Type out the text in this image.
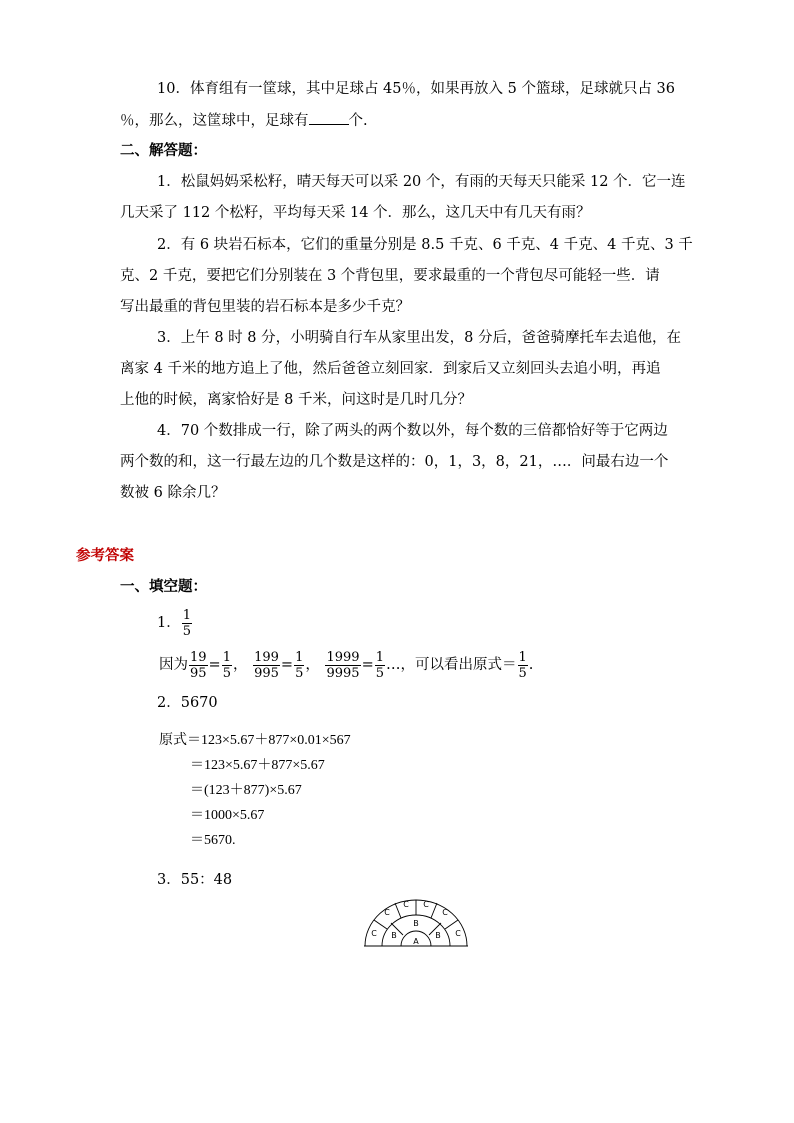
10．体育组有一筐球，其中足球占 45％，如果再放入 5 个篮球，足球就只占 36
％，那么，这筐球中，足球有	个.
二、解答题：
1．松鼠妈妈采松籽，晴天每天可以采 20 个，有雨的天每天只能采 12 个．它一连
几天采了 112 个松籽，平均每天采 14 个．那么，这几天中有几天有雨？
2．有 6 块岩石标本，它们的重量分别是 8.5 千克、6 千克、4 千克、4 千克、3 千
克、2 千克，要把它们分别装在 3 个背包里，要求最重的一个背包尽可能轻一些．请
写出最重的背包里装的岩石标本是多少千克？
3．上午 8 时 8 分，小明骑自行车从家里出发，8 分后，爸爸骑摩托车去追他，在
离家 4 千米的地方追上了他，然后爸爸立刻回家．到家后又立刻回头去追小明，再追
上他的时候，离家恰好是 8 千米，问这时是几时几分？
4．70 个数排成一行，除了两头的两个数以外，每个数的三倍都恰好等于它两边
两个数的和，这一行最左边的几个数是这样的：0，1，3，8，21，…．问最右边一个
数被 6 除余几？
参考答案
一、填空题：
1． $\frac{1}{5}$
因为 $\frac{19}{95} = \frac{1}{5}$ ， $\frac{199}{995} = \frac{1}{5}$ ， $\frac{1999}{9995} = \frac{1}{5}$ …，可以看出原式＝ $\frac{1}{5}$ .
2．5670
原式＝123×5.67＋877×0.01×567
＝123×5.67＋877×5.67
＝(123＋877)×5.67
＝1000×5.67
＝5670.
3．55：48
C
C
C C
C
C
B
B
B
A
